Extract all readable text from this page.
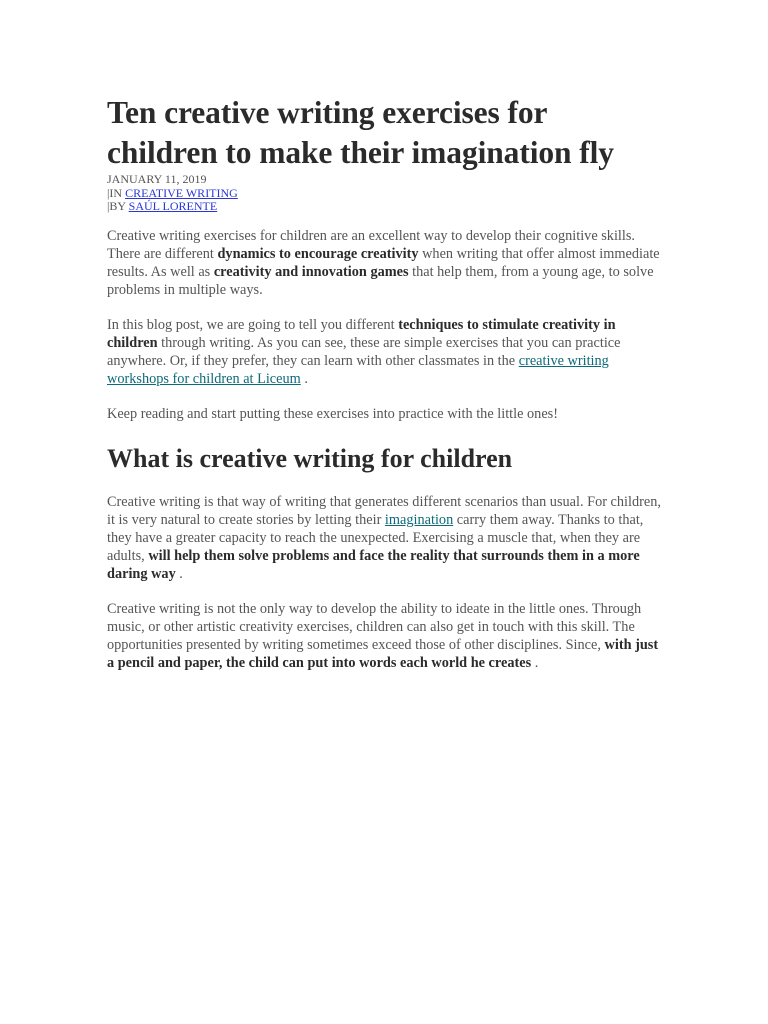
Ten creative writing exercises for children to make their imagination fly
JANUARY 11, 2019
|IN CREATIVE WRITING
|BY SAÚL LORENTE

Creative writing exercises for children are an excellent way to develop their cognitive skills. There are different dynamics to encourage creativity when writing that offer almost immediate results. As well as creativity and innovation games that help them, from a young age, to solve problems in multiple ways.

In this blog post, we are going to tell you different techniques to stimulate creativity in children through writing. As you can see, these are simple exercises that you can practice anywhere. Or, if they prefer, they can learn with other classmates in the creative writing workshops for children at Liceum .

Keep reading and start putting these exercises into practice with the little ones!

What is creative writing for children

Creative writing is that way of writing that generates different scenarios than usual. For children, it is very natural to create stories by letting their imagination carry them away. Thanks to that, they have a greater capacity to reach the unexpected. Exercising a muscle that, when they are adults, will help them solve problems and face the reality that surrounds them in a more daring way .

Creative writing is not the only way to develop the ability to ideate in the little ones. Through music, or other artistic creativity exercises, children can also get in touch with this skill. The opportunities presented by writing sometimes exceed those of other disciplines. Since, with just a pencil and paper, the child can put into words each world he creates .
